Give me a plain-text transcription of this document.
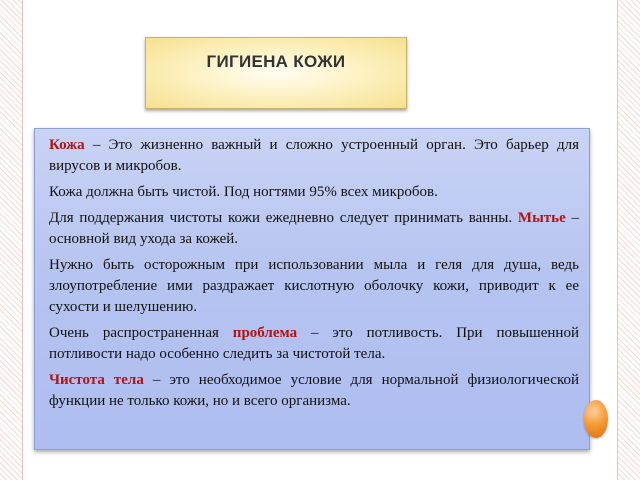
ГИГИЕНА КОЖИ

Кожа – Это жизненно важный и сложно устроенный орган. Это барьер для вирусов и микробов.

Кожа должна быть чистой. Под ногтями 95% всех микробов.

Для поддержания чистоты кожи ежедневно следует принимать ванны. Мытье – основной вид ухода за кожей.

Нужно быть осторожным при использовании мыла и геля для душа, ведь злоупотребление ими раздражает кислотную оболочку кожи, приводит к ее сухости и шелушению.

Очень распространенная проблема – это потливость. При повышенной потливости надо особенно следить за чистотой тела.

Чистота тела – это необходимое условие для нормальной физиологической функции не только кожи, но и всего организма.
